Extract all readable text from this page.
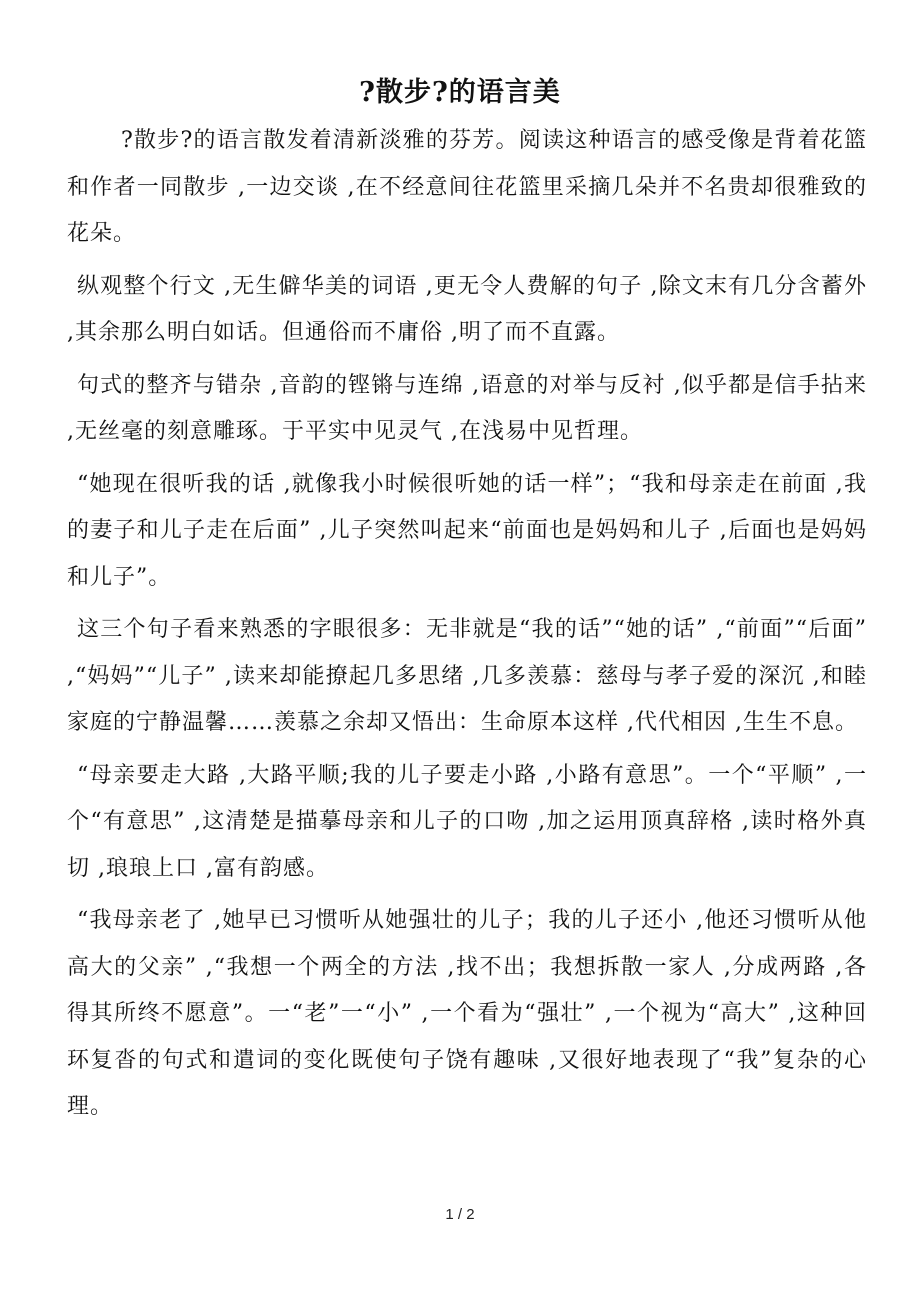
?散步?的语言美

?散步?的语言散发着清新淡雅的芬芳。阅读这种语言的感受像是背着花篮和作者一同散步 ,一边交谈 ,在不经意间往花篮里采摘几朵并不名贵却很雅致的花朵。

纵观整个行文 ,无生僻华美的词语 ,更无令人费解的句子 ,除文末有几分含蓄外 ,其余那么明白如话。但通俗而不庸俗 ,明了而不直露。

句式的整齐与错杂 ,音韵的铿锵与连绵 ,语意的对举与反衬 ,似乎都是信手拈来 ,无丝毫的刻意雕琢。于平实中见灵气 ,在浅易中见哲理。

“她现在很听我的话 ,就像我小时候很听她的话一样”；“我和母亲走在前面 ,我的妻子和儿子走在后面” ,儿子突然叫起来“前面也是妈妈和儿子 ,后面也是妈妈和儿子”。

这三个句子看来熟悉的字眼很多：无非就是“我的话”“她的话” ,“前面”“后面” ,“妈妈”“儿子” ,读来却能撩起几多思绪 ,几多羡慕：慈母与孝子爱的深沉 ,和睦家庭的宁静温馨……羡慕之余却又悟出：生命原本这样 ,代代相因 ,生生不息。

“母亲要走大路 ,大路平顺;我的儿子要走小路 ,小路有意思”。一个“平顺” ,一个“有意思” ,这清楚是描摹母亲和儿子的口吻 ,加之运用顶真辞格 ,读时格外真切 ,琅琅上口 ,富有韵感。

“我母亲老了 ,她早已习惯听从她强壮的儿子；我的儿子还小 ,他还习惯听从他高大的父亲” ,“我想一个两全的方法 ,找不出；我想拆散一家人 ,分成两路 ,各得其所终不愿意”。一“老”一“小” ,一个看为“强壮” ,一个视为“高大” ,这种回环复沓的句式和遣词的变化既使句子饶有趣味 ,又很好地表现了“我”复杂的心理。

1 / 2
